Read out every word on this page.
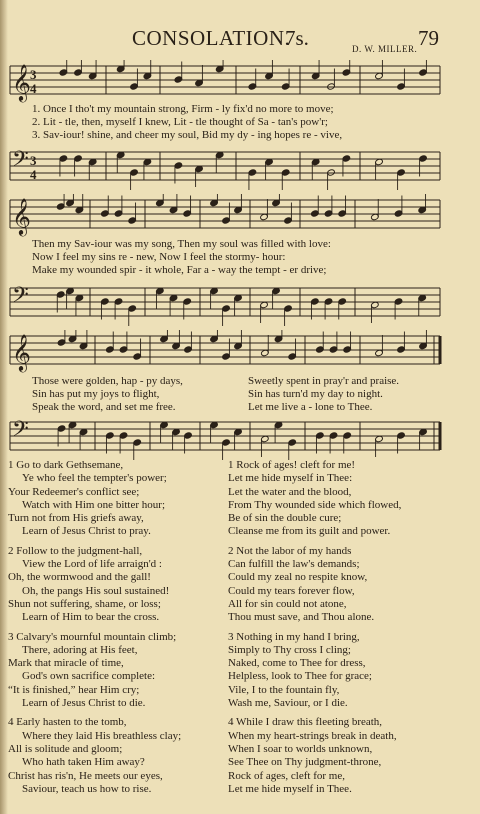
CONSOLATION.
7s.	79
D. W. MILLER.
𝄞 3
4
1. Once I tho't my mountain strong, Firm - ly fix'd no more to move;
2. Lit - tle, then, myself I knew, Lit - tle thought of Sa - tan's pow'r;
3. Sav-iour! shine, and cheer my soul, Bid my dy - ing hopes re - vive,
𝄢 3
4
𝄞
Then my Sav-iour was my song, Then my soul was filled with love:
Now I feel my sins re - new, Now I feel the stormy- hour:
Make my wounded spir - it whole, Far a - way the tempt - er drive;
𝄢
𝄞
Those were golden, hap - py days,
Sin has put my joys to flight,
Speak the word, and set me free.
Sweetly spent in pray'r and praise.
Sin has turn'd my day to night.
Let me live a - lone to Thee.
𝄢
1 Go to dark Gethsemane,
Ye who feel the tempter's power;
Your Redeemer's conflict see;
Watch with Him one bitter hour;
Turn not from His griefs away,
Learn of Jesus Christ to pray.
2 Follow to the judgment-hall,
View the Lord of life arraign'd :
Oh, the wormwood and the gall!
Oh, the pangs His soul sustained!
Shun not suffering, shame, or loss;
Learn of Him to bear the cross.
3 Calvary's mournful mountain climb;
There, adoring at His feet,
Mark that miracle of time,
God's own sacrifice complete:
“It is finished,” hear Him cry;
Learn of Jesus Christ to die.
4 Early hasten to the tomb,
Where they laid His breathless clay;
All is solitude and gloom;
Who hath taken Him away?
Christ has ris'n, He meets our eyes,
Saviour, teach us how to rise.
1 Rock of ages! cleft for me!
Let me hide myself in Thee:
Let the water and the blood,
From Thy wounded side which flowed,
Be of sin the double cure;
Cleanse me from its guilt and power.
2 Not the labor of my hands
Can fulfill the law's demands;
Could my zeal no respite know,
Could my tears forever flow,
All for sin could not atone,
Thou must save, and Thou alone.
3 Nothing in my hand I bring,
Simply to Thy cross I cling;
Naked, come to Thee for dress,
Helpless, look to Thee for grace;
Vile, I to the fountain fly,
Wash me, Saviour, or I die.
4 While I draw this fleeting breath,
When my heart-strings break in death,
When I soar to worlds unknown,
See Thee on Thy judgment-throne,
Rock of ages, cleft for me,
Let me hide myself in Thee.
